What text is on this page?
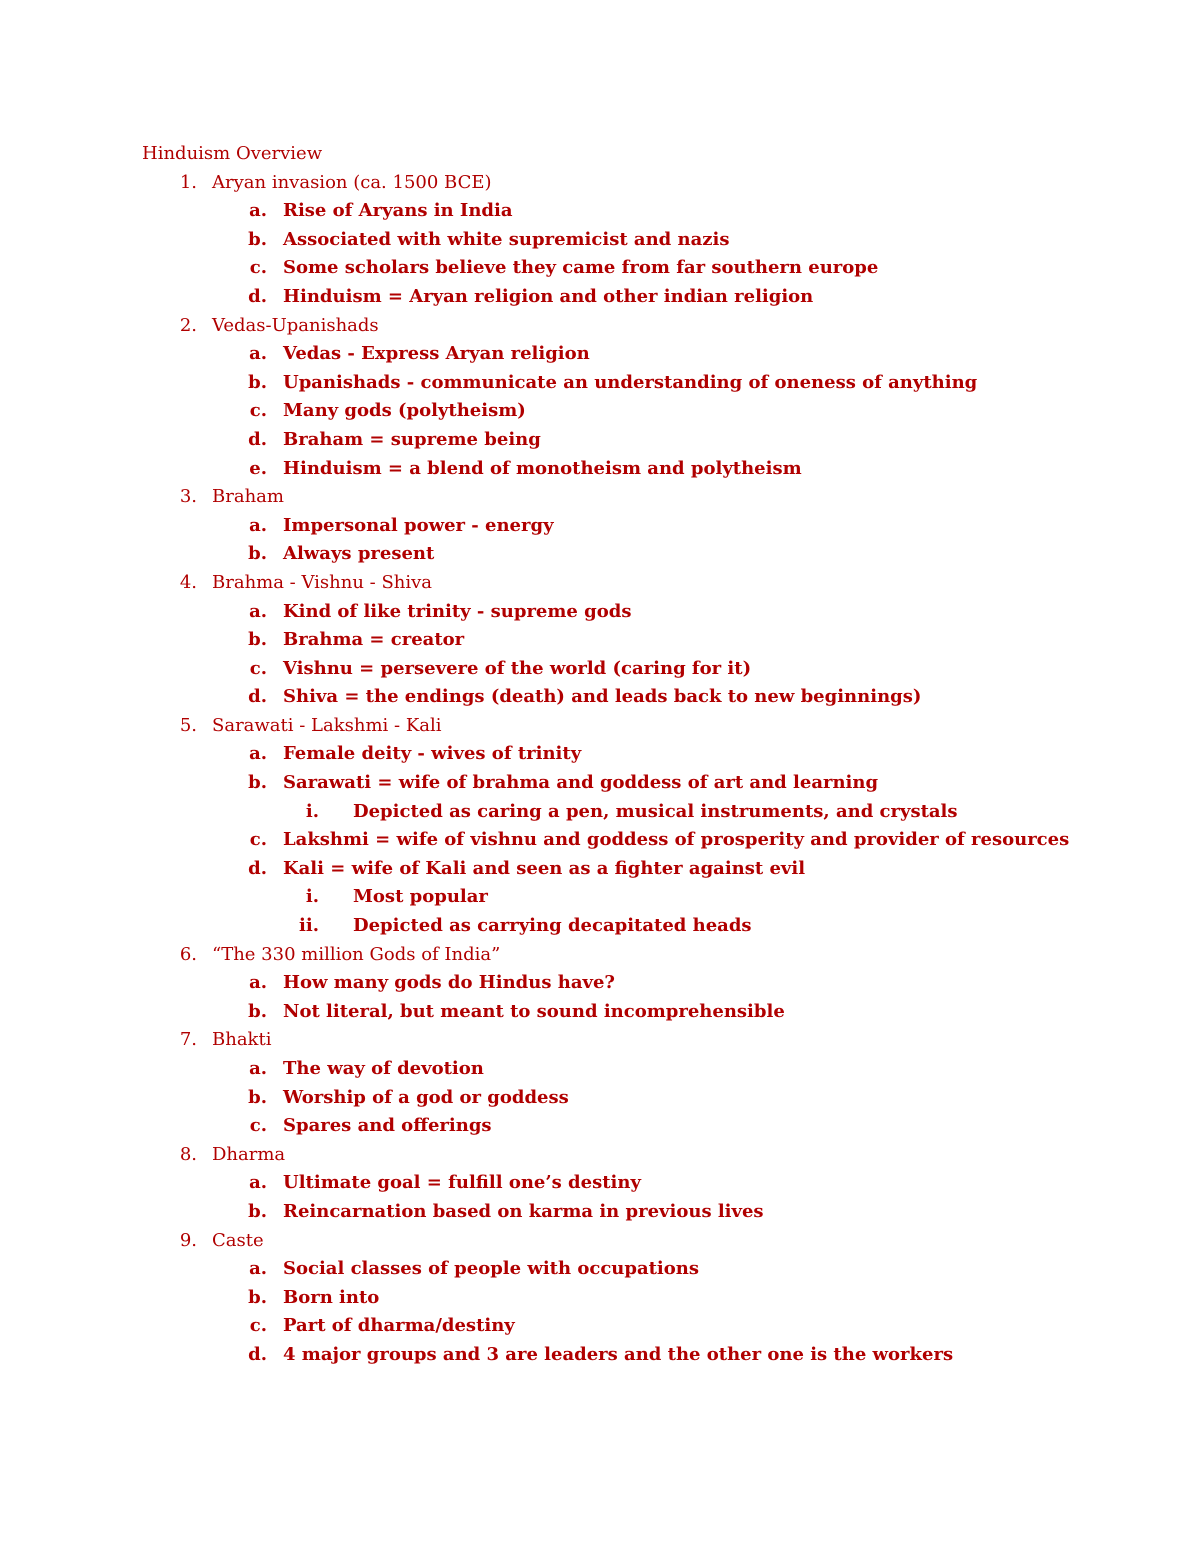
Hinduism Overview
1. Aryan invasion (ca. 1500 BCE)
a. Rise of Aryans in India
b. Associated with white supremicist and nazis
c. Some scholars believe they came from far southern europe
d. Hinduism = Aryan religion and other indian religion
2. Vedas-Upanishads
a. Vedas - Express Aryan religion
b. Upanishads - communicate an understanding of oneness of anything
c. Many gods (polytheism)
d. Braham = supreme being
e. Hinduism = a blend of monotheism and polytheism
3. Braham
a. Impersonal power - energy
b. Always present
4. Brahma - Vishnu - Shiva
a. Kind of like trinity - supreme gods
b. Brahma = creator
c. Vishnu = persevere of the world (caring for it)
d. Shiva = the endings (death) and leads back to new beginnings)
5. Sarawati - Lakshmi - Kali
a. Female deity - wives of trinity
b. Sarawati = wife of brahma and goddess of art and learning
i. Depicted as caring a pen, musical instruments, and crystals
c. Lakshmi = wife of vishnu and goddess of prosperity and provider of resources
d. Kali = wife of Kali and seen as a fighter against evil
i. Most popular
ii. Depicted as carrying decapitated heads
6. “The 330 million Gods of India”
a. How many gods do Hindus have?
b. Not literal, but meant to sound incomprehensible
7. Bhakti
a. The way of devotion
b. Worship of a god or goddess
c. Spares and offerings
8. Dharma
a. Ultimate goal = fulfill one’s destiny
b. Reincarnation based on karma in previous lives
9. Caste
a. Social classes of people with occupations
b. Born into
c. Part of dharma/destiny
d. 4 major groups and 3 are leaders and the other one is the workers
